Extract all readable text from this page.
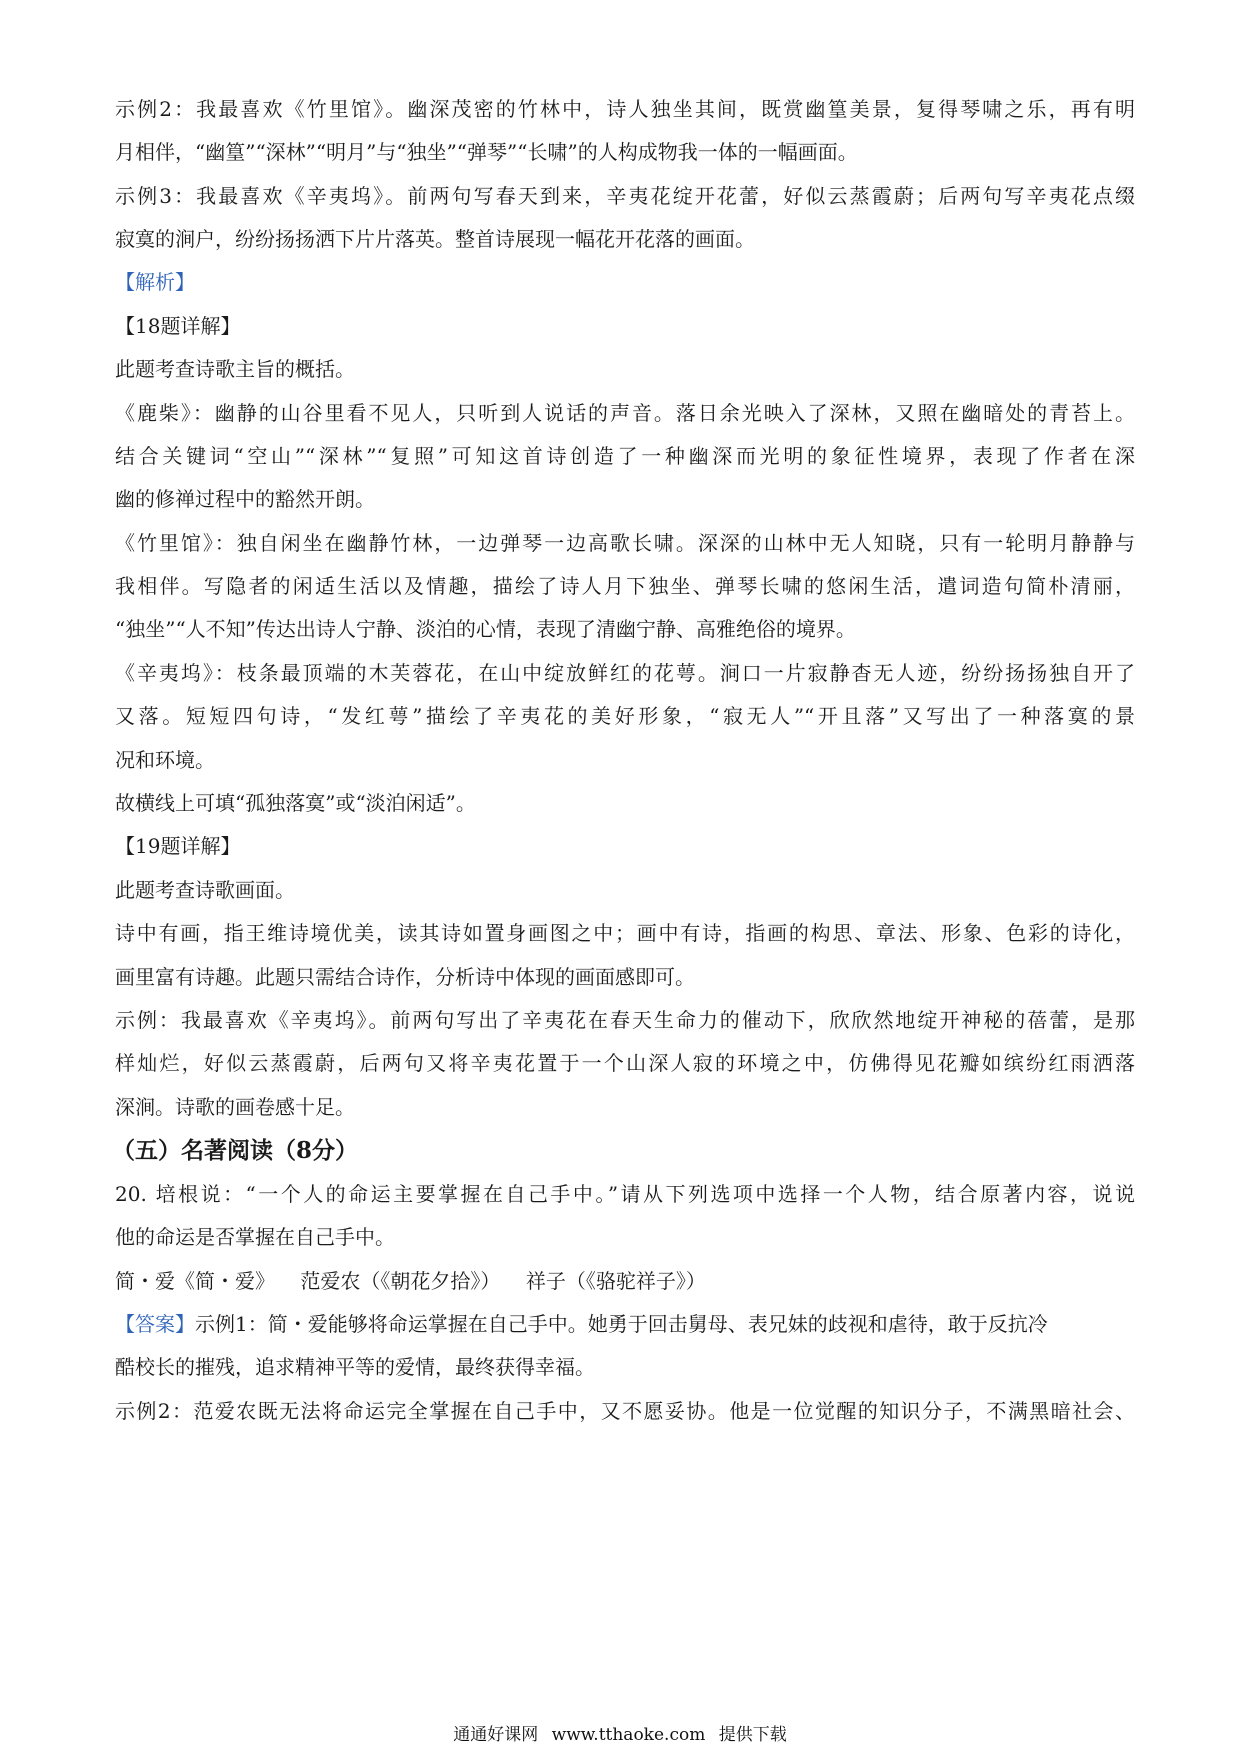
示例2：我最喜欢《竹里馆》。幽深茂密的竹林中，诗人独坐其间，既赏幽篁美景，复得琴啸之乐，再有明
月相伴，“幽篁”“深林”“明月”与“独坐”“弹琴”“长啸”的人构成物我一体的一幅画面。
示例3：我最喜欢《辛夷坞》。前两句写春天到来，辛夷花绽开花蕾，好似云蒸霞蔚；后两句写辛夷花点缀
寂寞的涧户，纷纷扬扬洒下片片落英。整首诗展现一幅花开花落的画面。
【解析】
【18题详解】
此题考查诗歌主旨的概括。
《鹿柴》：幽静的山谷里看不见人，只听到人说话的声音。落日余光映入了深林，又照在幽暗处的青苔上。
结合关键词“空山”“深林”“复照”可知这首诗创造了一种幽深而光明的象征性境界，表现了作者在深
幽的修禅过程中的豁然开朗。
《竹里馆》：独自闲坐在幽静竹林，一边弹琴一边高歌长啸。深深的山林中无人知晓，只有一轮明月静静与
我相伴。写隐者的闲适生活以及情趣，描绘了诗人月下独坐、弹琴长啸的悠闲生活，遣词造句简朴清丽，
“独坐”“人不知”传达出诗人宁静、淡泊的心情，表现了清幽宁静、高雅绝俗的境界。
《辛夷坞》：枝条最顶端的木芙蓉花，在山中绽放鲜红的花萼。涧口一片寂静杳无人迹，纷纷扬扬独自开了
又落。短短四句诗，“发红萼”描绘了辛夷花的美好形象，“寂无人”“开且落”又写出了一种落寞的景
况和环境。
故横线上可填“孤独落寞”或“淡泊闲适”。
【19题详解】
此题考查诗歌画面。
诗中有画，指王维诗境优美，读其诗如置身画图之中；画中有诗，指画的构思、章法、形象、色彩的诗化，
画里富有诗趣。此题只需结合诗作，分析诗中体现的画面感即可。
示例：我最喜欢《辛夷坞》。前两句写出了辛夷花在春天生命力的催动下，欣欣然地绽开神秘的蓓蕾，是那
样灿烂，好似云蒸霞蔚，后两句又将辛夷花置于一个山深人寂的环境之中，仿佛得见花瓣如缤纷红雨洒落
深涧。诗歌的画卷感十足。
（五）名著阅读（8分）
20. 培根说：“一个人的命运主要掌握在自己手中。”请从下列选项中选择一个人物，结合原著内容，说说
他的命运是否掌握在自己手中。
简・爱《简・爱》    范爱农（《朝花夕拾》）    祥子（《骆驼祥子》）
【答案】示例1：简・爱能够将命运掌握在自己手中。她勇于回击舅母、表兄妹的歧视和虐待，敢于反抗冷
酷校长的摧残，追求精神平等的爱情，最终获得幸福。
示例2：范爱农既无法将命运完全掌握在自己手中，又不愿妥协。他是一位觉醒的知识分子，不满黑暗社会、
通通好课网 www.tthaoke.com 提供下载
